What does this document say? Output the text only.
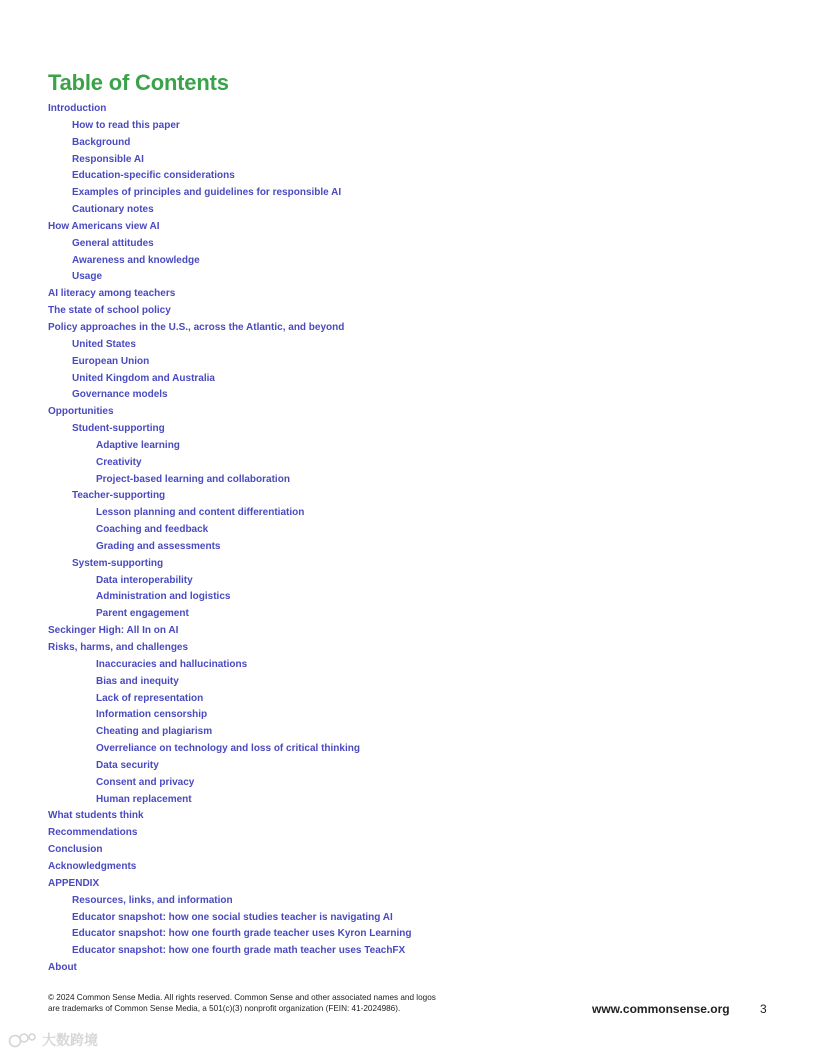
Table of Contents
Introduction
How to read this paper
Background
Responsible AI
Education-specific considerations
Examples of principles and guidelines for responsible AI
Cautionary notes
How Americans view AI
General attitudes
Awareness and knowledge
Usage
AI literacy among teachers
The state of school policy
Policy approaches in the U.S., across the Atlantic, and beyond
United States
European Union
United Kingdom and Australia
Governance models
Opportunities
Student-supporting
Adaptive learning
Creativity
Project-based learning and collaboration
Teacher-supporting
Lesson planning and content differentiation
Coaching and feedback
Grading and assessments
System-supporting
Data interoperability
Administration and logistics
Parent engagement
Seckinger High: All In on AI
Risks, harms, and challenges
Inaccuracies and hallucinations
Bias and inequity
Lack of representation
Information censorship
Cheating and plagiarism
Overreliance on technology and loss of critical thinking
Data security
Consent and privacy
Human replacement
What students think
Recommendations
Conclusion
Acknowledgments
APPENDIX
Resources, links, and information
Educator snapshot: how one social studies teacher is navigating AI
Educator snapshot: how one fourth grade teacher uses Kyron Learning
Educator snapshot: how one fourth grade math teacher uses TeachFX
About
© 2024 Common Sense Media. All rights reserved. Common Sense and other associated names and logos
are trademarks of Common Sense Media, a 501(c)(3) nonprofit organization (FEIN: 41-2024986).	www.commonsense.org	3
大数跨境
